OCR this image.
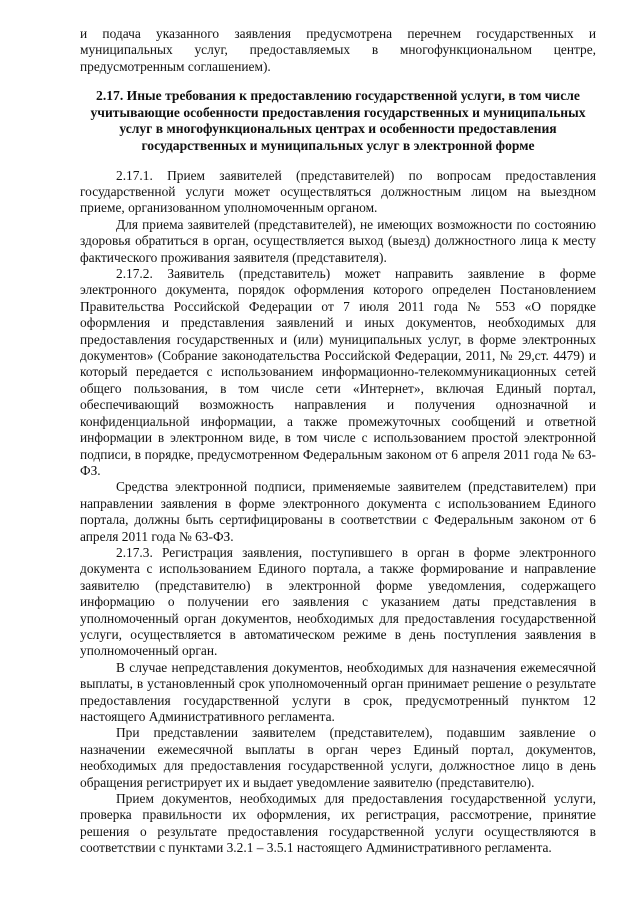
и подача указанного заявления предусмотрена перечнем государственных и муниципальных услуг, предоставляемых в многофункциональном центре, предусмотренным соглашением).

2.17. Иные требования к предоставлению государственной услуги, в том числе учитывающие особенности предоставления государственных и муниципальных услуг в многофункциональных центрах и особенности предоставления государственных и муниципальных услуг в электронной форме

2.17.1. Прием заявителей (представителей) по вопросам предоставления государственной услуги может осуществляться должностным лицом на выездном приеме, организованном уполномоченным органом.

Для приема заявителей (представителей), не имеющих возможности по состоянию здоровья обратиться в орган, осуществляется выход (выезд) должностного лица к месту фактического проживания заявителя (представителя).

2.17.2. Заявитель (представитель) может направить заявление в форме электронного документа, порядок оформления которого определен Постановлением Правительства Российской Федерации от 7 июля 2011 года № 553 «О порядке оформления и представления заявлений и иных документов, необходимых для предоставления государственных и (или) муниципальных услуг, в форме электронных документов» (Собрание законодательства Российской Федерации, 2011, № 29,ст. 4479) и который передается с использованием информационно-телекоммуникационных сетей общего пользования, в том числе сети «Интернет», включая Единый портал, обеспечивающий возможность направления и получения однозначной и конфиденциальной информации, а также промежуточных сообщений и ответной информации в электронном виде, в том числе с использованием простой электронной подписи, в порядке, предусмотренном Федеральным законом от 6 апреля 2011 года № 63-ФЗ.

Средства электронной подписи, применяемые заявителем (представителем) при направлении заявления в форме электронного документа с использованием Единого портала, должны быть сертифицированы в соответствии с Федеральным законом от 6 апреля 2011 года № 63-ФЗ.

2.17.3. Регистрация заявления, поступившего в орган в форме электронного документа с использованием Единого портала, а также формирование и направление заявителю (представителю) в электронной форме уведомления, содержащего информацию о получении его заявления с указанием даты представления в уполномоченный орган документов, необходимых для предоставления государственной услуги, осуществляется в автоматическом режиме в день поступления заявления в уполномоченный орган.

В случае непредставления документов, необходимых для назначения ежемесячной выплаты, в установленный срок уполномоченный орган принимает решение о результате предоставления государственной услуги в срок, предусмотренный пунктом 12 настоящего Административного регламента.

При представлении заявителем (представителем), подавшим заявление о назначении ежемесячной выплаты в орган через Единый портал, документов, необходимых для предоставления государственной услуги, должностное лицо в день обращения регистрирует их и выдает уведомление заявителю (представителю).

Прием документов, необходимых для предоставления государственной услуги, проверка правильности их оформления, их регистрация, рассмотрение, принятие решения о результате предоставления государственной услуги осуществляются в соответствии с пунктами 3.2.1 – 3.5.1 настоящего Административного регламента.
